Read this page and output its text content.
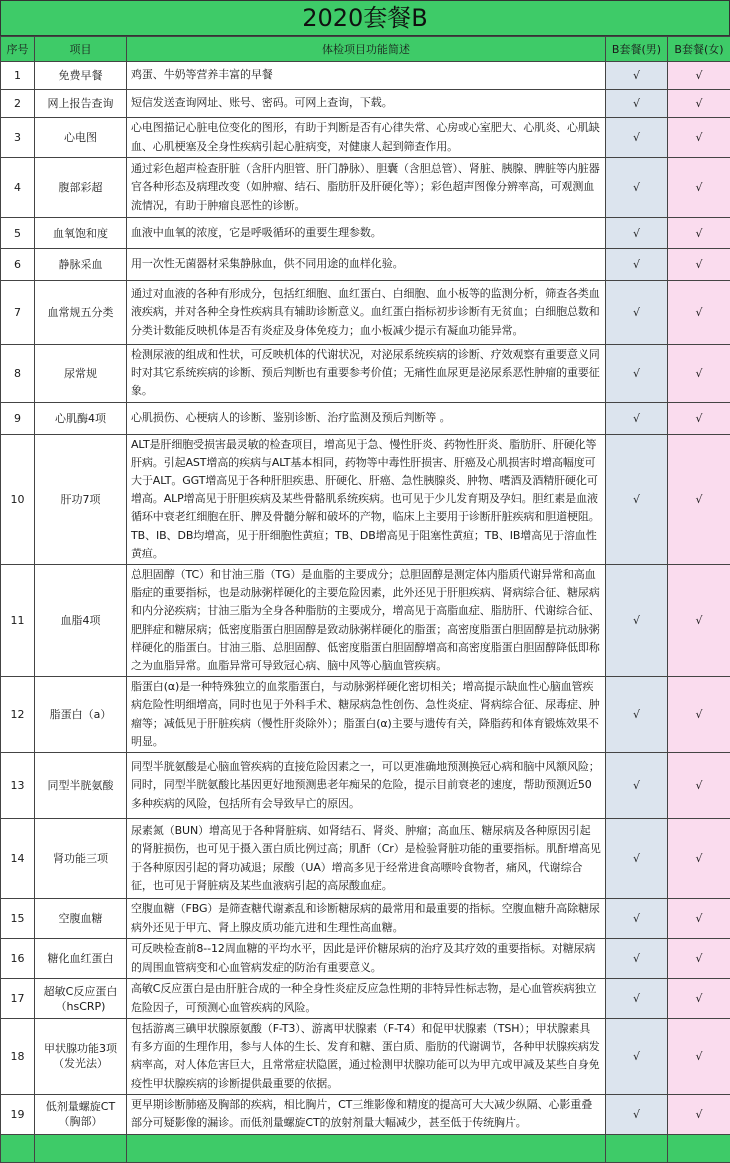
2020套餐B
序号	项目	体检项目功能简述	B套餐(男)	B套餐(女)
1	免费早餐	鸡蛋、牛奶等营养丰富的早餐	√	√
2	网上报告查询	短信发送查询网址、账号、密码。可网上查询，下载。	√	√
3	心电图	心电图描记心脏电位变化的图形，有助于判断是否有心律失常、心房或心室肥大、心肌炎、心肌缺血、心肌梗塞及全身性疾病引起心脏病变，对健康人起到筛查作用。	√	√
4	腹部彩超	通过彩色超声检查肝脏（含肝内胆管、肝门静脉）、胆囊（含胆总管）、肾脏、胰腺、脾脏等内脏器官各种形态及病理改变（如肿瘤、结石、脂肪肝及肝硬化等）；彩色超声图像分辨率高，可观测血流情况，有助于肿瘤良恶性的诊断。	√	√
5	血氧饱和度	血液中血氧的浓度，它是呼吸循环的重要生理参数。	√	√
6	静脉采血	用一次性无菌器材采集静脉血，供不同用途的血样化验。	√	√
7	血常规五分类	通过对血液的各种有形成分，包括红细胞、血红蛋白、白细胞、血小板等的监测分析，筛查各类血液疾病，并对各种全身性疾病具有辅助诊断意义。血红蛋白指标初步诊断有无贫血；白细胞总数和分类计数能反映机体是否有炎症及身体免疫力；血小板减少提示有凝血功能异常。	√	√
8	尿常规	检测尿液的组成和性状，可反映机体的代谢状况，对泌尿系统疾病的诊断、疗效观察有重要意义同时对其它系统疾病的诊断、预后判断也有重要参考价值；无痛性血尿更是泌尿系恶性肿瘤的重要征象。	√	√
9	心肌酶4项	心肌损伤、心梗病人的诊断、鉴别诊断、治疗监测及预后判断等 。	√	√
10	肝功7项	ALT是肝细胞受损害最灵敏的检查项目，增高见于急、慢性肝炎、药物性肝炎、脂肪肝、肝硬化等肝病。引起AST增高的疾病与ALT基本相同，药物等中毒性肝损害、肝癌及心肌损害时增高幅度可大于ALT。GGT增高见于各种肝胆疾患、肝硬化、肝癌、急性胰腺炎、肿物、嗜酒及酒精肝硬化可增高。ALP增高见于肝胆疾病及某些骨骼肌系统疾病。也可见于少儿发育期及孕妇。胆红素是血液循环中衰老红细胞在肝、脾及骨髓分解和破坏的产物，临床上主要用于诊断肝脏疾病和胆道梗阻。TB、IB、DB均增高，见于肝细胞性黄疸；TB、DB增高见于阻塞性黄疸；TB、IB增高见于溶血性黄疸。	√	√
11	血脂4项	总胆固醇（TC）和甘油三脂（TG）是血脂的主要成分；总胆固醇是测定体内脂质代谢异常和高血脂症的重要指标，也是动脉粥样硬化的主要危险因素，此外还见于肝胆疾病、肾病综合征、糖尿病和内分泌疾病；甘油三脂为全身各种脂肪的主要成分，增高见于高脂血症、脂肪肝、代谢综合征、肥胖症和糖尿病；低密度脂蛋白胆固醇是致动脉粥样硬化的脂蛋；高密度脂蛋白胆固醇是抗动脉粥样硬化的脂蛋白。甘油三脂、总胆固醇、低密度脂蛋白胆固醇增高和高密度脂蛋白胆固醇降低即称之为血脂异常。血脂异常可导致冠心病、脑中风等心脑血管疾病。	√	√
12	脂蛋白（a）	脂蛋白(α)是一种特殊独立的血浆脂蛋白，与动脉粥样硬化密切相关；增高提示缺血性心脑血管疾病危险性明细增高，同时也见于外科手术、糖尿病急性创伤、急性炎症、肾病综合征、尿毒症、肿瘤等；减低见于肝脏疾病（慢性肝炎除外）；脂蛋白(α)主要与遗传有关，降脂药和体育锻炼效果不明显。	√	√
13	同型半胱氨酸	同型半胱氨酸是心脑血管疾病的直接危险因素之一，可以更准确地预测换冠心病和脑中风额风险；同时，同型半胱氨酸比基因更好地预测患老年痴呆的危险，提示目前衰老的速度，帮助预测近50多种疾病的风险，包括所有会导致早亡的原因。	√	√
14	肾功能三项	尿素氮（BUN）增高见于各种肾脏病、如肾结石、肾炎、肿瘤；高血压、糖尿病及各种原因引起的肾脏损伤，也可见于摄入蛋白质比例过高；肌酐（Cr）是检验肾脏功能的重要指标。肌酐增高见于各种原因引起的肾功减退；尿酸（UA）增高多见于经常进食高嘌呤食物者，痛风，代谢综合征，也可见于肾脏病及某些血液病引起的高尿酸血症。	√	√
15	空腹血糖	空腹血糖（FBG）是筛查糖代谢紊乱和诊断糖尿病的最常用和最重要的指标。空腹血糖升高除糖尿病外还见于甲亢、肾上腺皮质功能亢进和生理性高血糖。	√	√
16	糖化血红蛋白	可反映检查前8--12周血糖的平均水平，因此是评价糖尿病的治疗及其疗效的重要指标。对糖尿病的周围血管病变和心血管病发症的防治有重要意义。	√	√
17	超敏C反应蛋白（hsCRP)	高敏C反应蛋白是由肝脏合成的一种全身性炎症反应急性期的非特异性标志物，是心血管疾病独立危险因子，可预测心血管疾病的风险。	√	√
18	甲状腺功能3项（发光法）	包括游离三碘甲状腺原氨酸（F-T3）、游离甲状腺素（F-T4）和促甲状腺素（TSH）；甲状腺素具有多方面的生理作用，参与人体的生长、发育和糖、蛋白质、脂肪的代谢调节，各种甲状腺疾病发病率高，对人体危害巨大，且常常症状隐匿，通过检测甲状腺功能可以为甲亢或甲减及某些自身免疫性甲状腺疾病的诊断提供最重要的依据。	√	√
19	低剂量螺旋CT（胸部）	更早期诊断肺癌及胸部的疾病，相比胸片，CT三维影像和精度的提高可大大减少纵隔、心影重叠部分可疑影像的漏诊。而低剂量螺旋CT的放射剂量大幅减少，甚至低于传统胸片。	√	√
